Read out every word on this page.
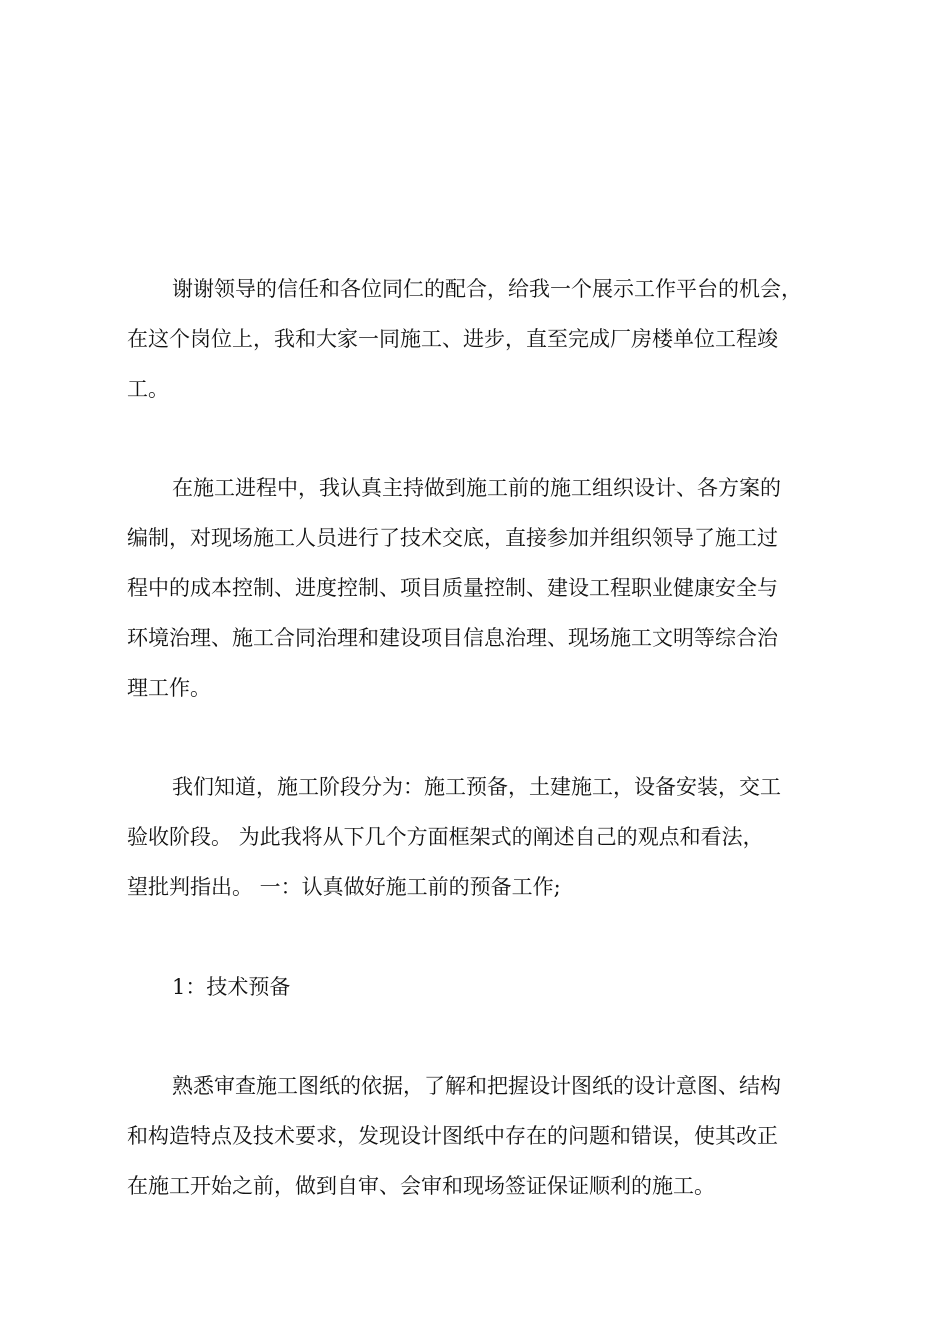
谢谢领导的信任和各位同仁的配合，给我一个展示工作平台的机会，
在这个岗位上，我和大家一同施工、进步，直至完成厂房楼单位工程竣
工。
在施工进程中，我认真主持做到施工前的施工组织设计、各方案的
编制，对现场施工人员进行了技术交底，直接参加并组织领导了施工过
程中的成本控制、进度控制、项目质量控制、建设工程职业健康安全与
环境治理、施工合同治理和建设项目信息治理、现场施工文明等综合治
理工作。
我们知道，施工阶段分为：施工预备，土建施工，设备安装，交工
验收阶段。 为此我将从下几个方面框架式的阐述自己的观点和看法，
望批判指出。 一：认真做好施工前的预备工作;
1：技术预备
熟悉审查施工图纸的依据，了解和把握设计图纸的设计意图、结构
和构造特点及技术要求，发现设计图纸中存在的问题和错误，使其改正
在施工开始之前，做到自审、会审和现场签证保证顺利的施工。
